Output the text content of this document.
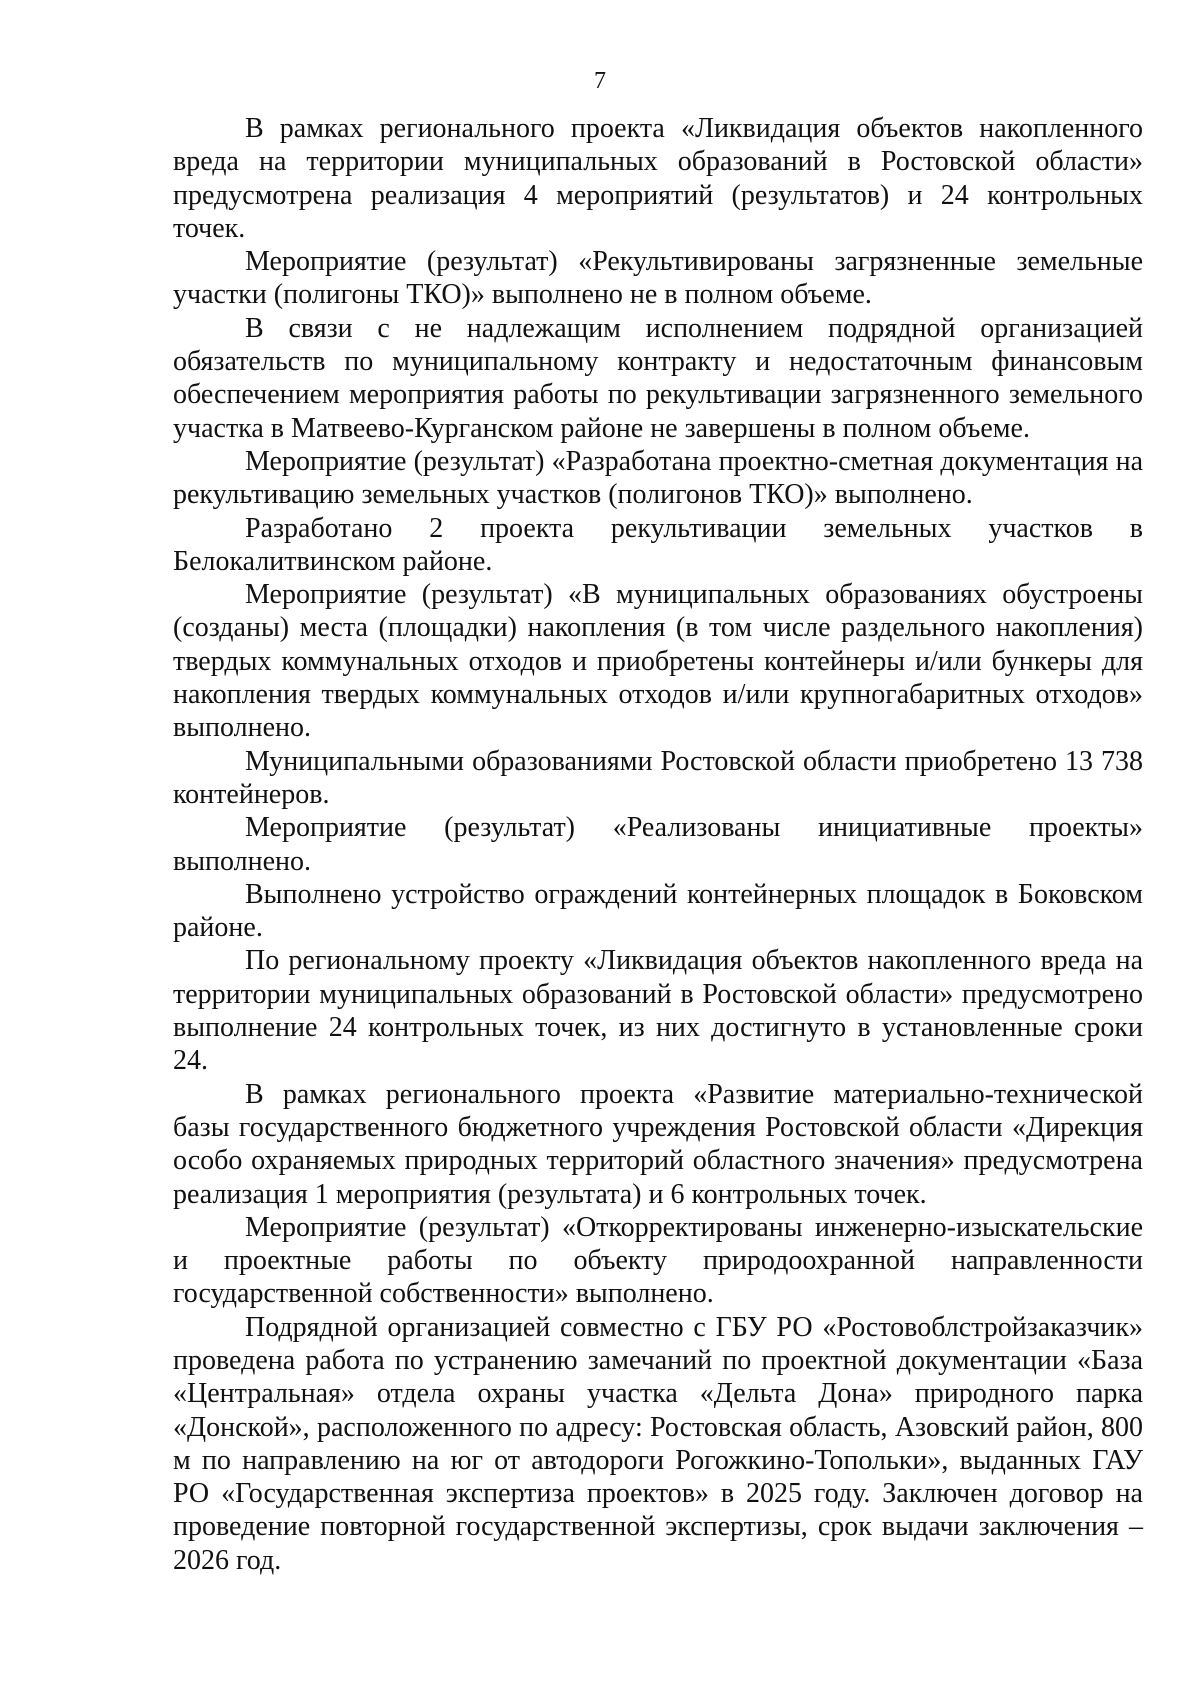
7

В рамках регионального проекта «Ликвидация объектов накопленного вреда на территории муниципальных образований в Ростовской области» предусмотрена реализация 4 мероприятий (результатов) и 24 контрольных точек.

Мероприятие (результат) «Рекультивированы загрязненные земельные участки (полигоны ТКО)» выполнено не в полном объеме.

В связи с не надлежащим исполнением подрядной организацией обязательств по муниципальному контракту и недостаточным финансовым обеспечением мероприятия работы по рекультивации загрязненного земельного участка в Матвеево-Курганском районе не завершены в полном объеме.

Мероприятие (результат) «Разработана проектно-сметная документация на рекультивацию земельных участков (полигонов ТКО)» выполнено.

Разработано 2 проекта рекультивации земельных участков в Белокалитвинском районе.

Мероприятие (результат) «В муниципальных образованиях обустроены (созданы) места (площадки) накопления (в том числе раздельного накопления) твердых коммунальных отходов и приобретены контейнеры и/или бункеры для накопления твердых коммунальных отходов и/или крупногабаритных отходов» выполнено.

Муниципальными образованиями Ростовской области приобретено 13 738 контейнеров.

Мероприятие (результат) «Реализованы инициативные проекты» выполнено.

Выполнено устройство ограждений контейнерных площадок в Боковском районе.

По региональному проекту «Ликвидация объектов накопленного вреда на территории муниципальных образований в Ростовской области» предусмотрено выполнение 24 контрольных точек, из них достигнуто в установленные сроки 24.

В рамках регионального проекта «Развитие материально-технической базы государственного бюджетного учреждения Ростовской области «Дирекция особо охраняемых природных территорий областного значения» предусмотрена реализация 1 мероприятия (результата) и 6 контрольных точек.

Мероприятие (результат) «Откорректированы инженерно-изыскательские и проектные работы по объекту природоохранной направленности государственной собственности» выполнено.

Подрядной организацией совместно с ГБУ РО «Ростовоблстройзаказчик» проведена работа по устранению замечаний по проектной документации «База «Центральная» отдела охраны участка «Дельта Дона» природного парка «Донской», расположенного по адресу: Ростовская область, Азовский район, 800 м по направлению на юг от автодороги Рогожкино-Топольки», выданных ГАУ РО «Государственная экспертиза проектов» в 2025 году. Заключен договор на проведение повторной государственной экспертизы, срок выдачи заключения – 2026 год.
